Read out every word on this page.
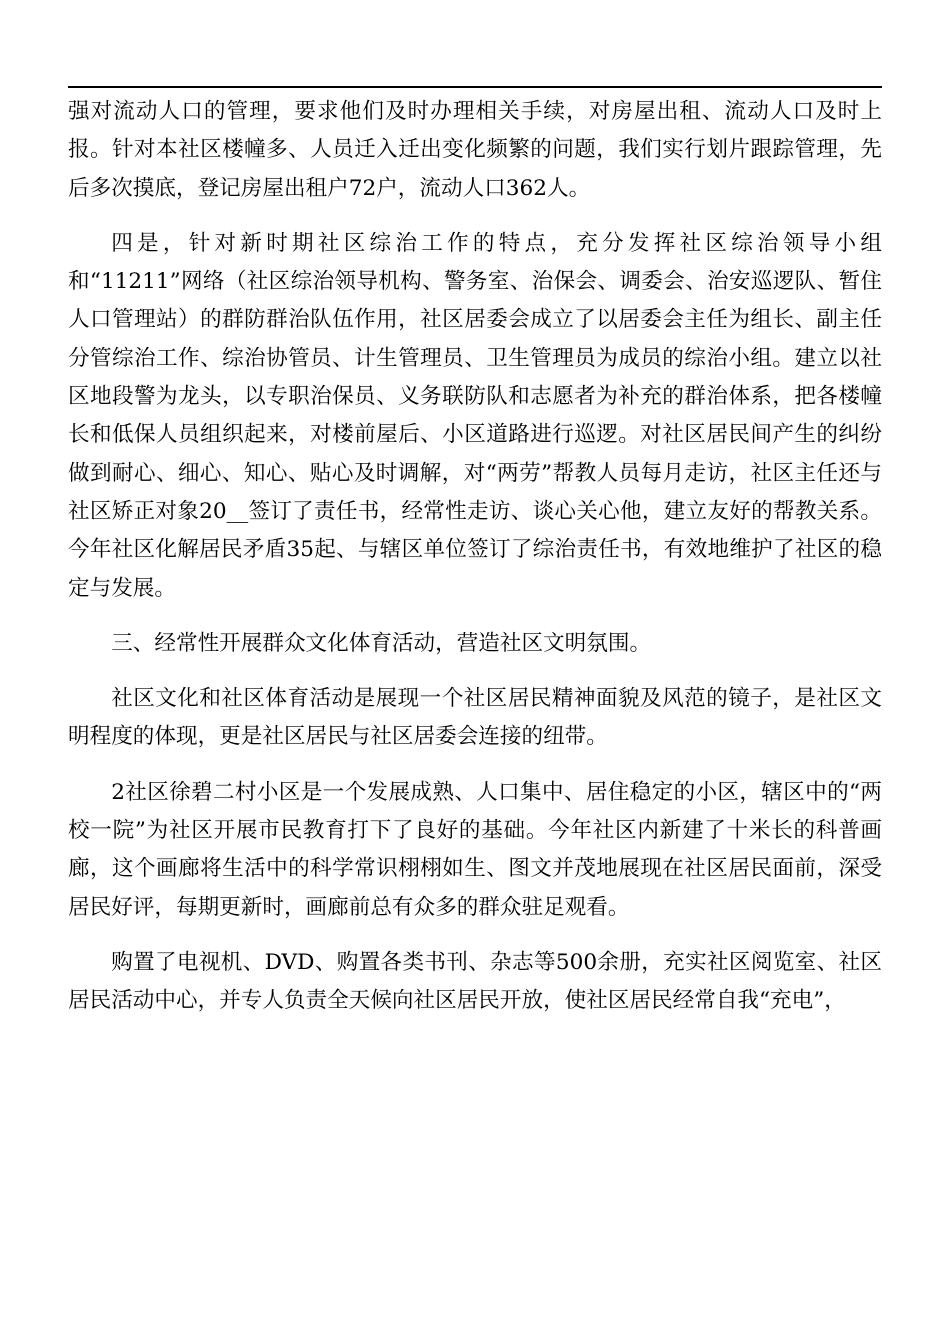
强对流动人口的管理，要求他们及时办理相关手续，对房屋出租、流动人口及时上报。针对本社区楼幢多、人员迁入迁出变化频繁的问题，我们实行划片跟踪管理，先后多次摸底，登记房屋出租户72户，流动人口362人。

四是，针对新时期社区综治工作的特点，充分发挥社区综治领导小组和“11211”网络（社区综治领导机构、警务室、治保会、调委会、治安巡逻队、暂住人口管理站）的群防群治队伍作用，社区居委会成立了以居委会主任为组长、副主任分管综治工作、综治协管员、计生管理员、卫生管理员为成员的综治小组。建立以社区地段警为龙头，以专职治保员、义务联防队和志愿者为补充的群治体系，把各楼幢长和低保人员组织起来，对楼前屋后、小区道路进行巡逻。对社区居民间产生的纠纷做到耐心、细心、知心、贴心及时调解，对“两劳”帮教人员每月走访，社区主任还与社区矫正对象20__签订了责任书，经常性走访、谈心关心他，建立友好的帮教关系。今年社区化解居民矛盾35起、与辖区单位签订了综治责任书，有效地维护了社区的稳定与发展。

三、经常性开展群众文化体育活动，营造社区文明氛围。

社区文化和社区体育活动是展现一个社区居民精神面貌及风范的镜子，是社区文明程度的体现，更是社区居民与社区居委会连接的纽带。

2社区徐碧二村小区是一个发展成熟、人口集中、居住稳定的小区，辖区中的“两校一院”为社区开展市民教育打下了良好的基础。今年社区内新建了十米长的科普画廊，这个画廊将生活中的科学常识栩栩如生、图文并茂地展现在社区居民面前，深受居民好评，每期更新时，画廊前总有众多的群众驻足观看。

购置了电视机、DVD、购置各类书刊、杂志等500余册，充实社区阅览室、社区居民活动中心，并专人负责全天候向社区居民开放，使社区居民经常自我“充电”，
